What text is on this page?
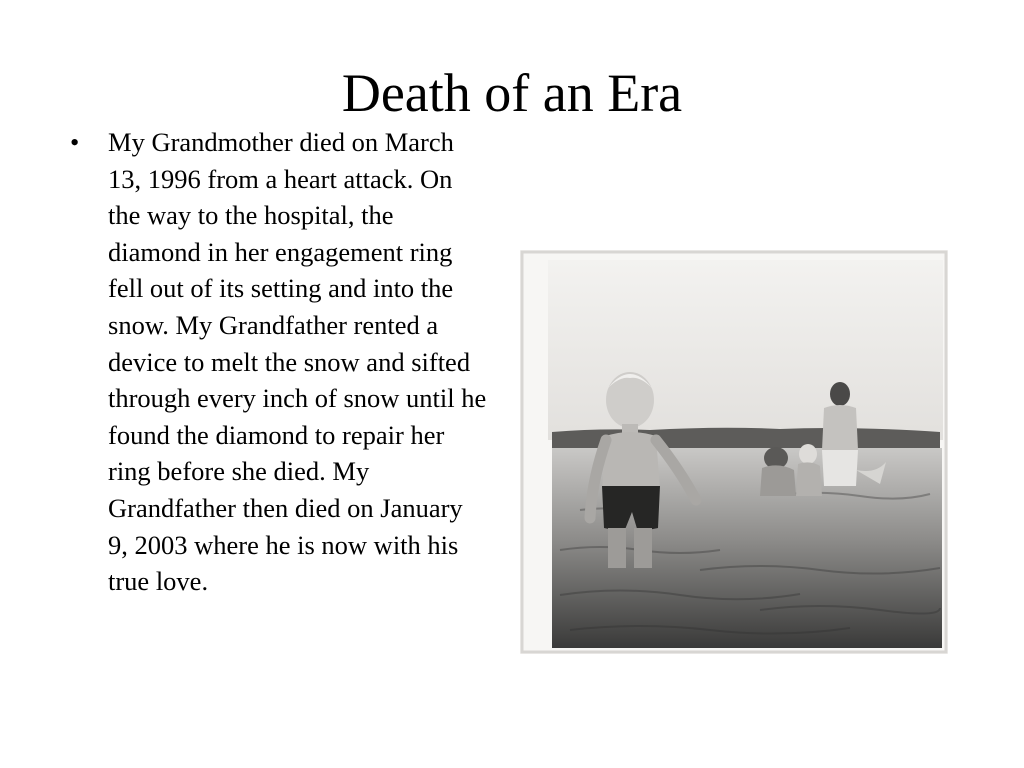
Death of an Era
• My Grandmother died on March 13, 1996 from a heart attack. On the way to the hospital, the diamond in her engagement ring fell out of its setting and into the snow. My Grandfather rented a device to melt the snow and sifted through every inch of snow until he found the diamond to repair her ring before she died. My Grandfather then died on January 9, 2003 where he is now with his true love.
